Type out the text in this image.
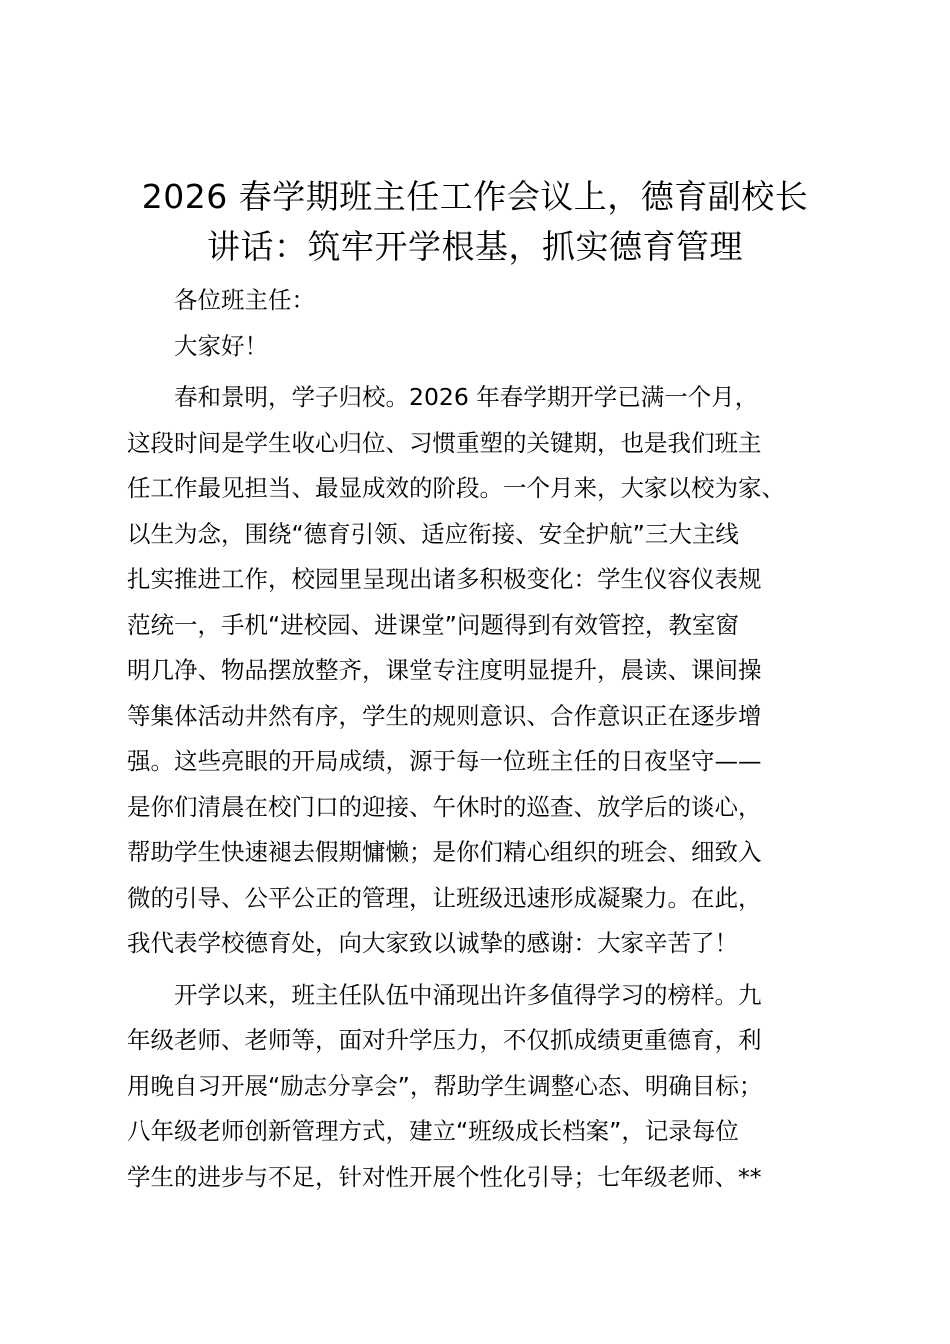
2026 春学期班主任工作会议上，德育副校长
讲话：筑牢开学根基，抓实德育管理

各位班主任：

大家好！

春和景明，学子归校。2026 年春学期开学已满一个月，
这段时间是学生收心归位、习惯重塑的关键期，也是我们班主
任工作最见担当、最显成效的阶段。一个月来，大家以校为家、
以生为念，围绕“德育引领、适应衔接、安全护航”三大主线
扎实推进工作，校园里呈现出诸多积极变化：学生仪容仪表规
范统一，手机“进校园、进课堂”问题得到有效管控，教室窗
明几净、物品摆放整齐，课堂专注度明显提升，晨读、课间操
等集体活动井然有序，学生的规则意识、合作意识正在逐步增
强。这些亮眼的开局成绩，源于每一位班主任的日夜坚守——
是你们清晨在校门口的迎接、午休时的巡查、放学后的谈心，
帮助学生快速褪去假期慵懒；是你们精心组织的班会、细致入
微的引导、公平公正的管理，让班级迅速形成凝聚力。在此，
我代表学校德育处，向大家致以诚挚的感谢：大家辛苦了！

开学以来，班主任队伍中涌现出许多值得学习的榜样。九
年级老师、老师等，面对升学压力，不仅抓成绩更重德育，利
用晚自习开展“励志分享会”，帮助学生调整心态、明确目标；
八年级老师创新管理方式，建立“班级成长档案”，记录每位
学生的进步与不足，针对性开展个性化引导；七年级老师、**
